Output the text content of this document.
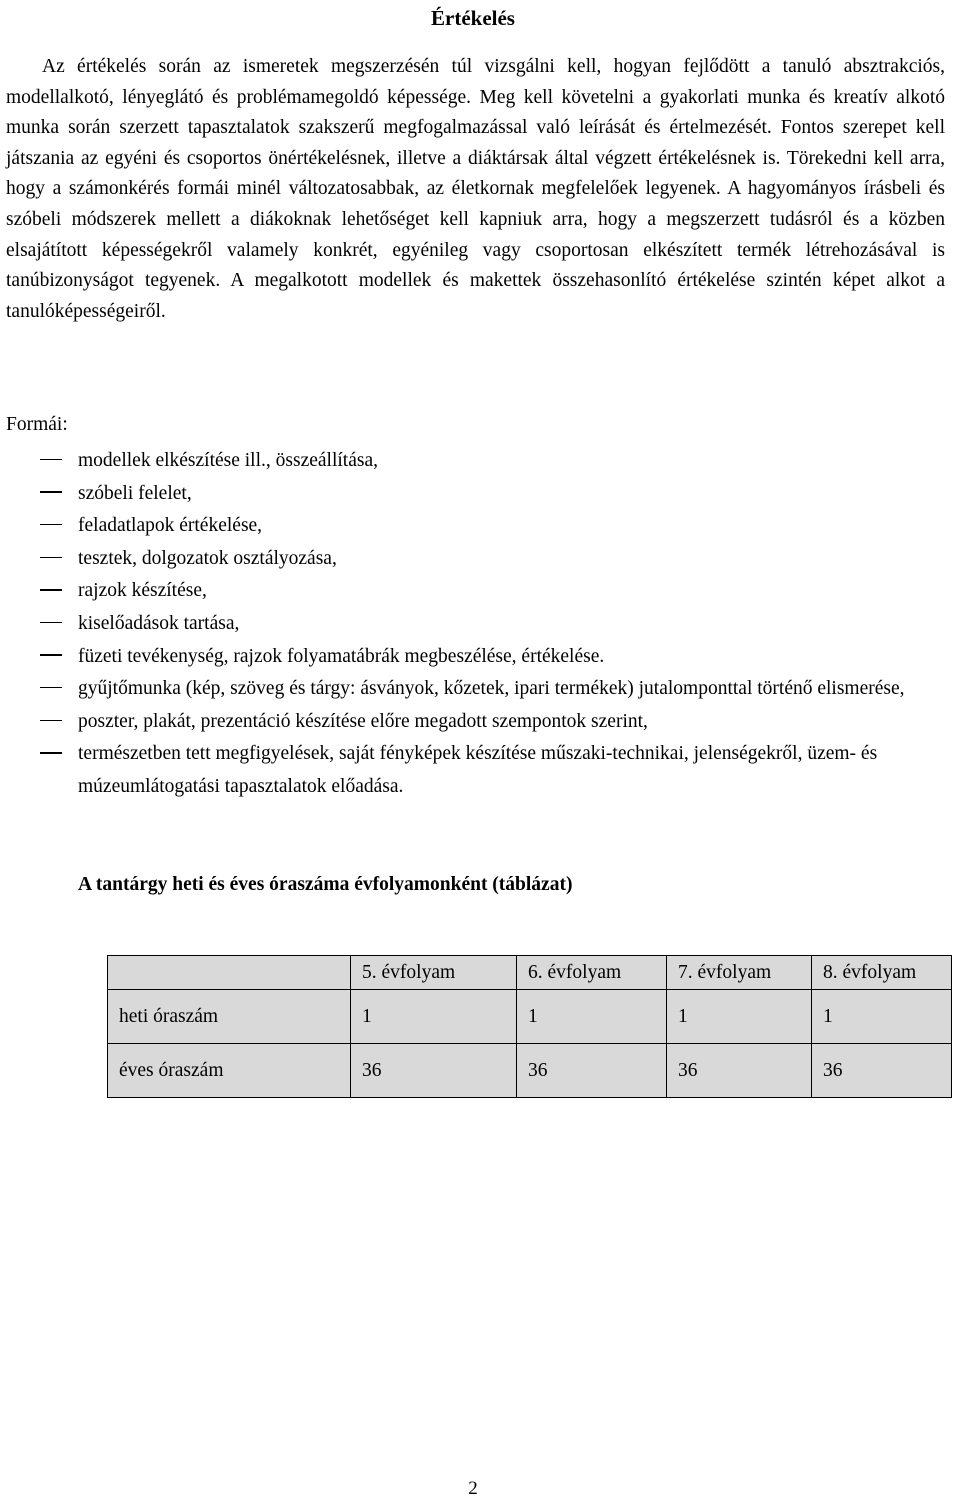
Értékelés

Az értékelés során az ismeretek megszerzésén túl vizsgálni kell, hogyan fejlődött a tanuló absztrakciós, modellalkotó, lényeglátó és problémamegoldó képessége. Meg kell követelni a gyakorlati munka és kreatív alkotó munka során szerzett tapasztalatok szakszerű megfogalmazással való leírását és értelmezését. Fontos szerepet kell játszania az egyéni és csoportos önértékelésnek, illetve a diáktársak által végzett értékelésnek is. Törekedni kell arra, hogy a számonkérés formái minél változatosabbak, az életkornak megfelelőek legyenek. A hagyományos írásbeli és szóbeli módszerek mellett a diákoknak lehetőséget kell kapniuk arra, hogy a megszerzett tudásról és a közben elsajátított képességekről valamely konkrét, egyénileg vagy csoportosan elkészített termék létrehozásával is tanúbizonyságot tegyenek. A megalkotott modellek és makettek összehasonlító értékelése szintén képet alkot a tanulóképességeiről.

Formái:
modellek elkészítése ill., összeállítása,
szóbeli felelet,
feladatlapok értékelése,
tesztek, dolgozatok osztályozása,
rajzok készítése,
kiselőadások tartása,
füzeti tevékenység, rajzok folyamatábrák megbeszélése, értékelése.
gyűjtőmunka (kép, szöveg és tárgy: ásványok, kőzetek, ipari termékek) jutalomponttal történő elismerése,
poszter, plakát, prezentáció készítése előre megadott szempontok szerint,
természetben tett megfigyelések, saját fényképek készítése műszaki-technikai, jelenségekről, üzem- és múzeumlátogatási tapasztalatok előadása.
A tantárgy heti és éves óraszáma évfolyamonként (táblázat)
	5. évfolyam	6. évfolyam	7. évfolyam	8. évfolyam
heti óraszám	1	1	1	1
éves óraszám	36	36	36	36
2
